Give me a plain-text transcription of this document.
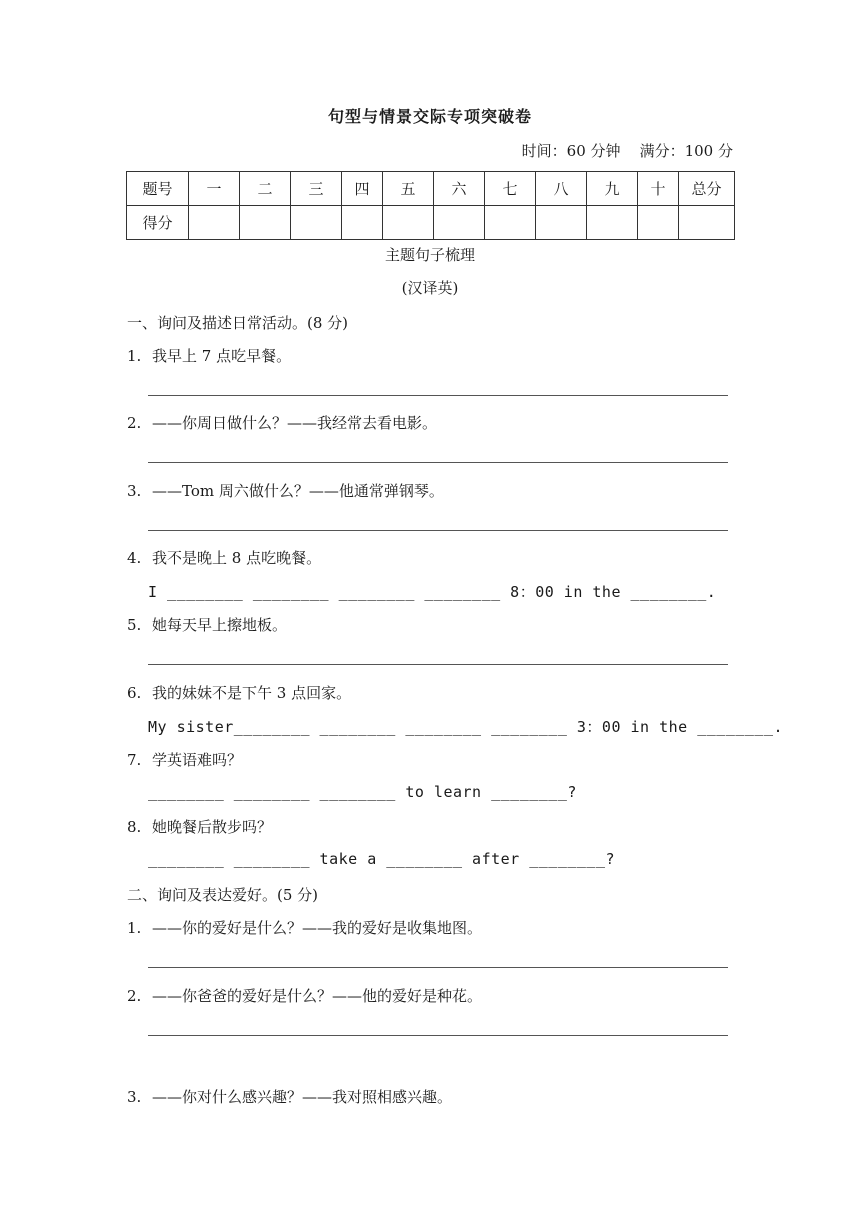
句型与情景交际专项突破卷
时间：60 分钟    满分：100 分
题号	一	二	三	四	五	六	七	八	九	十	总分
得分											
主题句子梳理
(汉译英)
一、询问及描述日常活动。(8 分)
1. 我早上 7 点吃早餐。
2. ——你周日做什么？——我经常去看电影。
3. ——Tom 周六做什么？——他通常弹钢琴。
4. 我不是晚上 8 点吃晚餐。
I ________ ________ ________ ________ 8：00 in the ________.
5. 她每天早上擦地板。
6. 我的妹妹不是下午 3 点回家。
My sister________ ________ ________ ________ 3：00 in the ________.
7. 学英语难吗？
________ ________ ________ to learn ________?
8. 她晚餐后散步吗？
________ ________ take a ________ after ________?
二、询问及表达爱好。(5 分)
1. ——你的爱好是什么？——我的爱好是收集地图。
2. ——你爸爸的爱好是什么？——他的爱好是种花。
3. ——你对什么感兴趣？——我对照相感兴趣。
